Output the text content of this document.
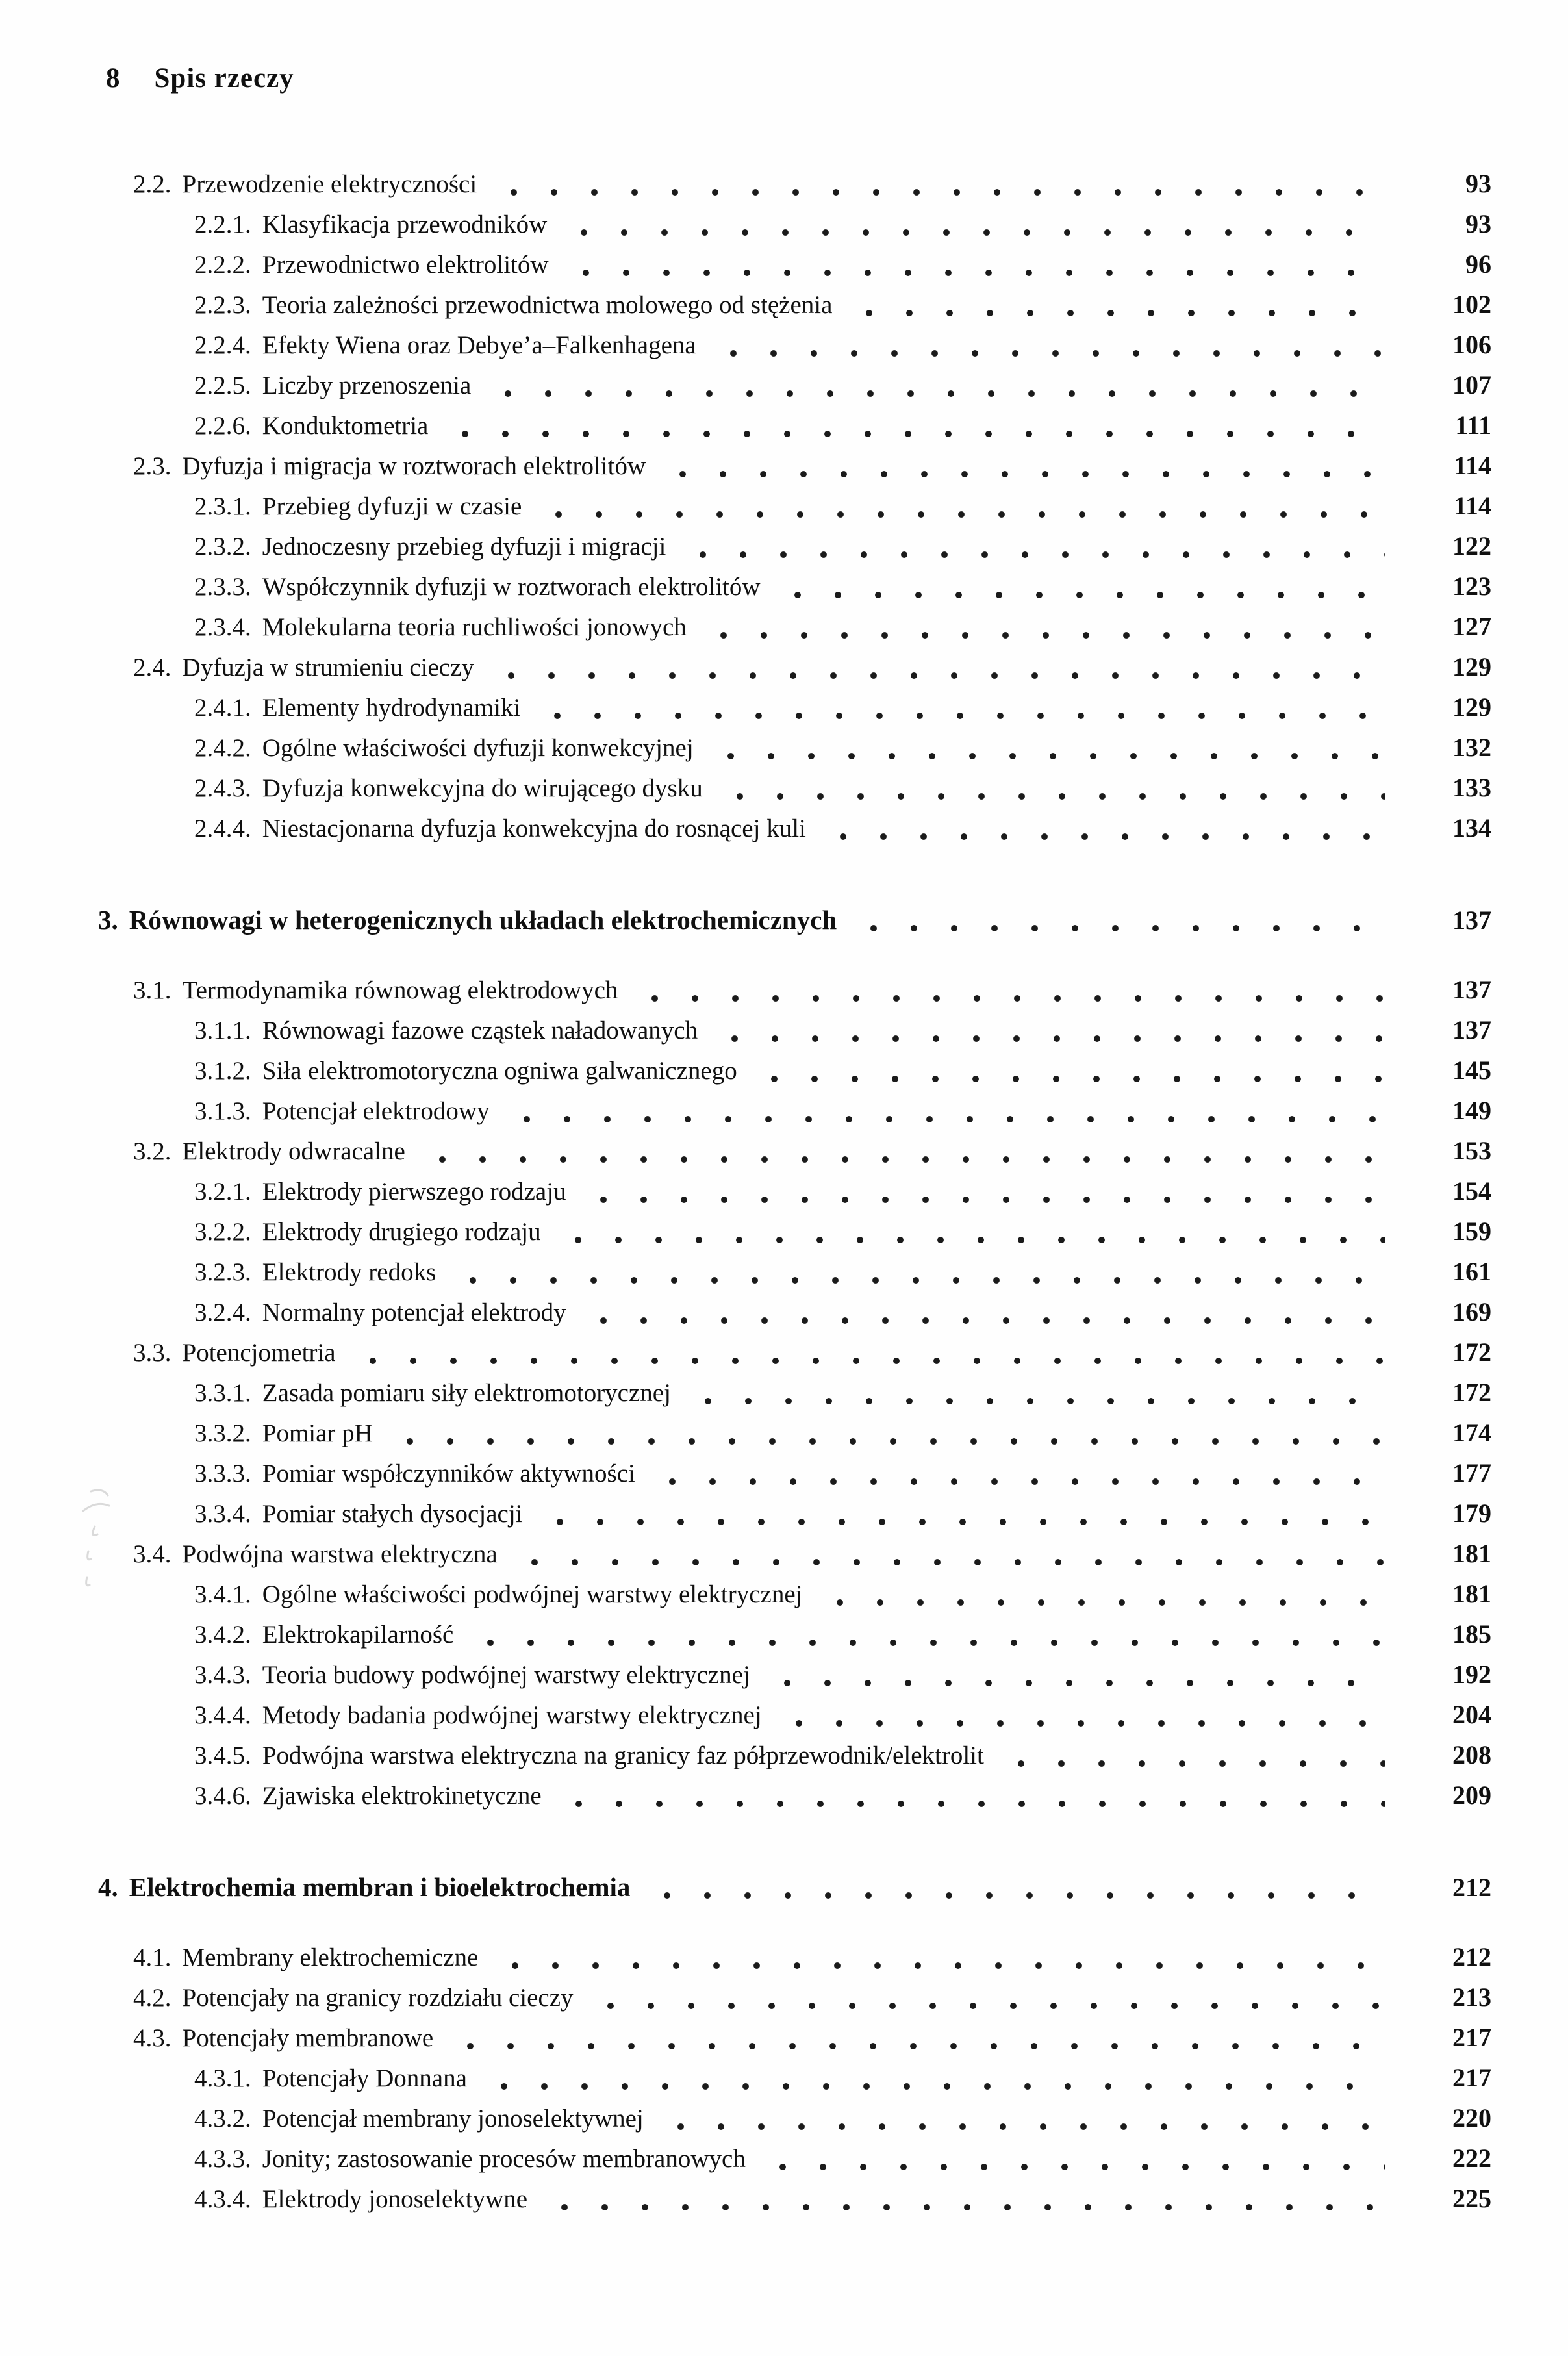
8 Spis rzeczy
2.2. Przewodzenie elektryczności	93
2.2.1. Klasyfikacja przewodników	93
2.2.2. Przewodnictwo elektrolitów	96
2.2.3. Teoria zależności przewodnictwa molowego od stężenia	102
2.2.4. Efekty Wiena oraz Debye’a–Falkenhagena	106
2.2.5. Liczby przenoszenia	107
2.2.6. Konduktometria	111
2.3. Dyfuzja i migracja w roztworach elektrolitów	114
2.3.1. Przebieg dyfuzji w czasie	114
2.3.2. Jednoczesny przebieg dyfuzji i migracji	122
2.3.3. Współczynnik dyfuzji w roztworach elektrolitów	123
2.3.4. Molekularna teoria ruchliwości jonowych	127
2.4. Dyfuzja w strumieniu cieczy	129
2.4.1. Elementy hydrodynamiki	129
2.4.2. Ogólne właściwości dyfuzji konwekcyjnej	132
2.4.3. Dyfuzja konwekcyjna do wirującego dysku	133
2.4.4. Niestacjonarna dyfuzja konwekcyjna do rosnącej kuli	134
3. Równowagi w heterogenicznych układach elektrochemicznych	137
3.1. Termodynamika równowag elektrodowych	137
3.1.1. Równowagi fazowe cząstek naładowanych	137
3.1.2. Siła elektromotoryczna ogniwa galwanicznego	145
3.1.3. Potencjał elektrodowy	149
3.2. Elektrody odwracalne	153
3.2.1. Elektrody pierwszego rodzaju	154
3.2.2. Elektrody drugiego rodzaju	159
3.2.3. Elektrody redoks	161
3.2.4. Normalny potencjał elektrody	169
3.3. Potencjometria	172
3.3.1. Zasada pomiaru siły elektromotorycznej	172
3.3.2. Pomiar pH	174
3.3.3. Pomiar współczynników aktywności	177
3.3.4. Pomiar stałych dysocjacji	179
3.4. Podwójna warstwa elektryczna	181
3.4.1. Ogólne właściwości podwójnej warstwy elektrycznej	181
3.4.2. Elektrokapilarność	185
3.4.3. Teoria budowy podwójnej warstwy elektrycznej	192
3.4.4. Metody badania podwójnej warstwy elektrycznej	204
3.4.5. Podwójna warstwa elektryczna na granicy faz półprzewodnik/elektrolit	208
3.4.6. Zjawiska elektrokinetyczne	209
4. Elektrochemia membran i bioelektrochemia	212
4.1. Membrany elektrochemiczne	212
4.2. Potencjały na granicy rozdziału cieczy	213
4.3. Potencjały membranowe	217
4.3.1. Potencjały Donnana	217
4.3.2. Potencjał membrany jonoselektywnej	220
4.3.3. Jonity; zastosowanie procesów membranowych	222
4.3.4. Elektrody jonoselektywne	225
